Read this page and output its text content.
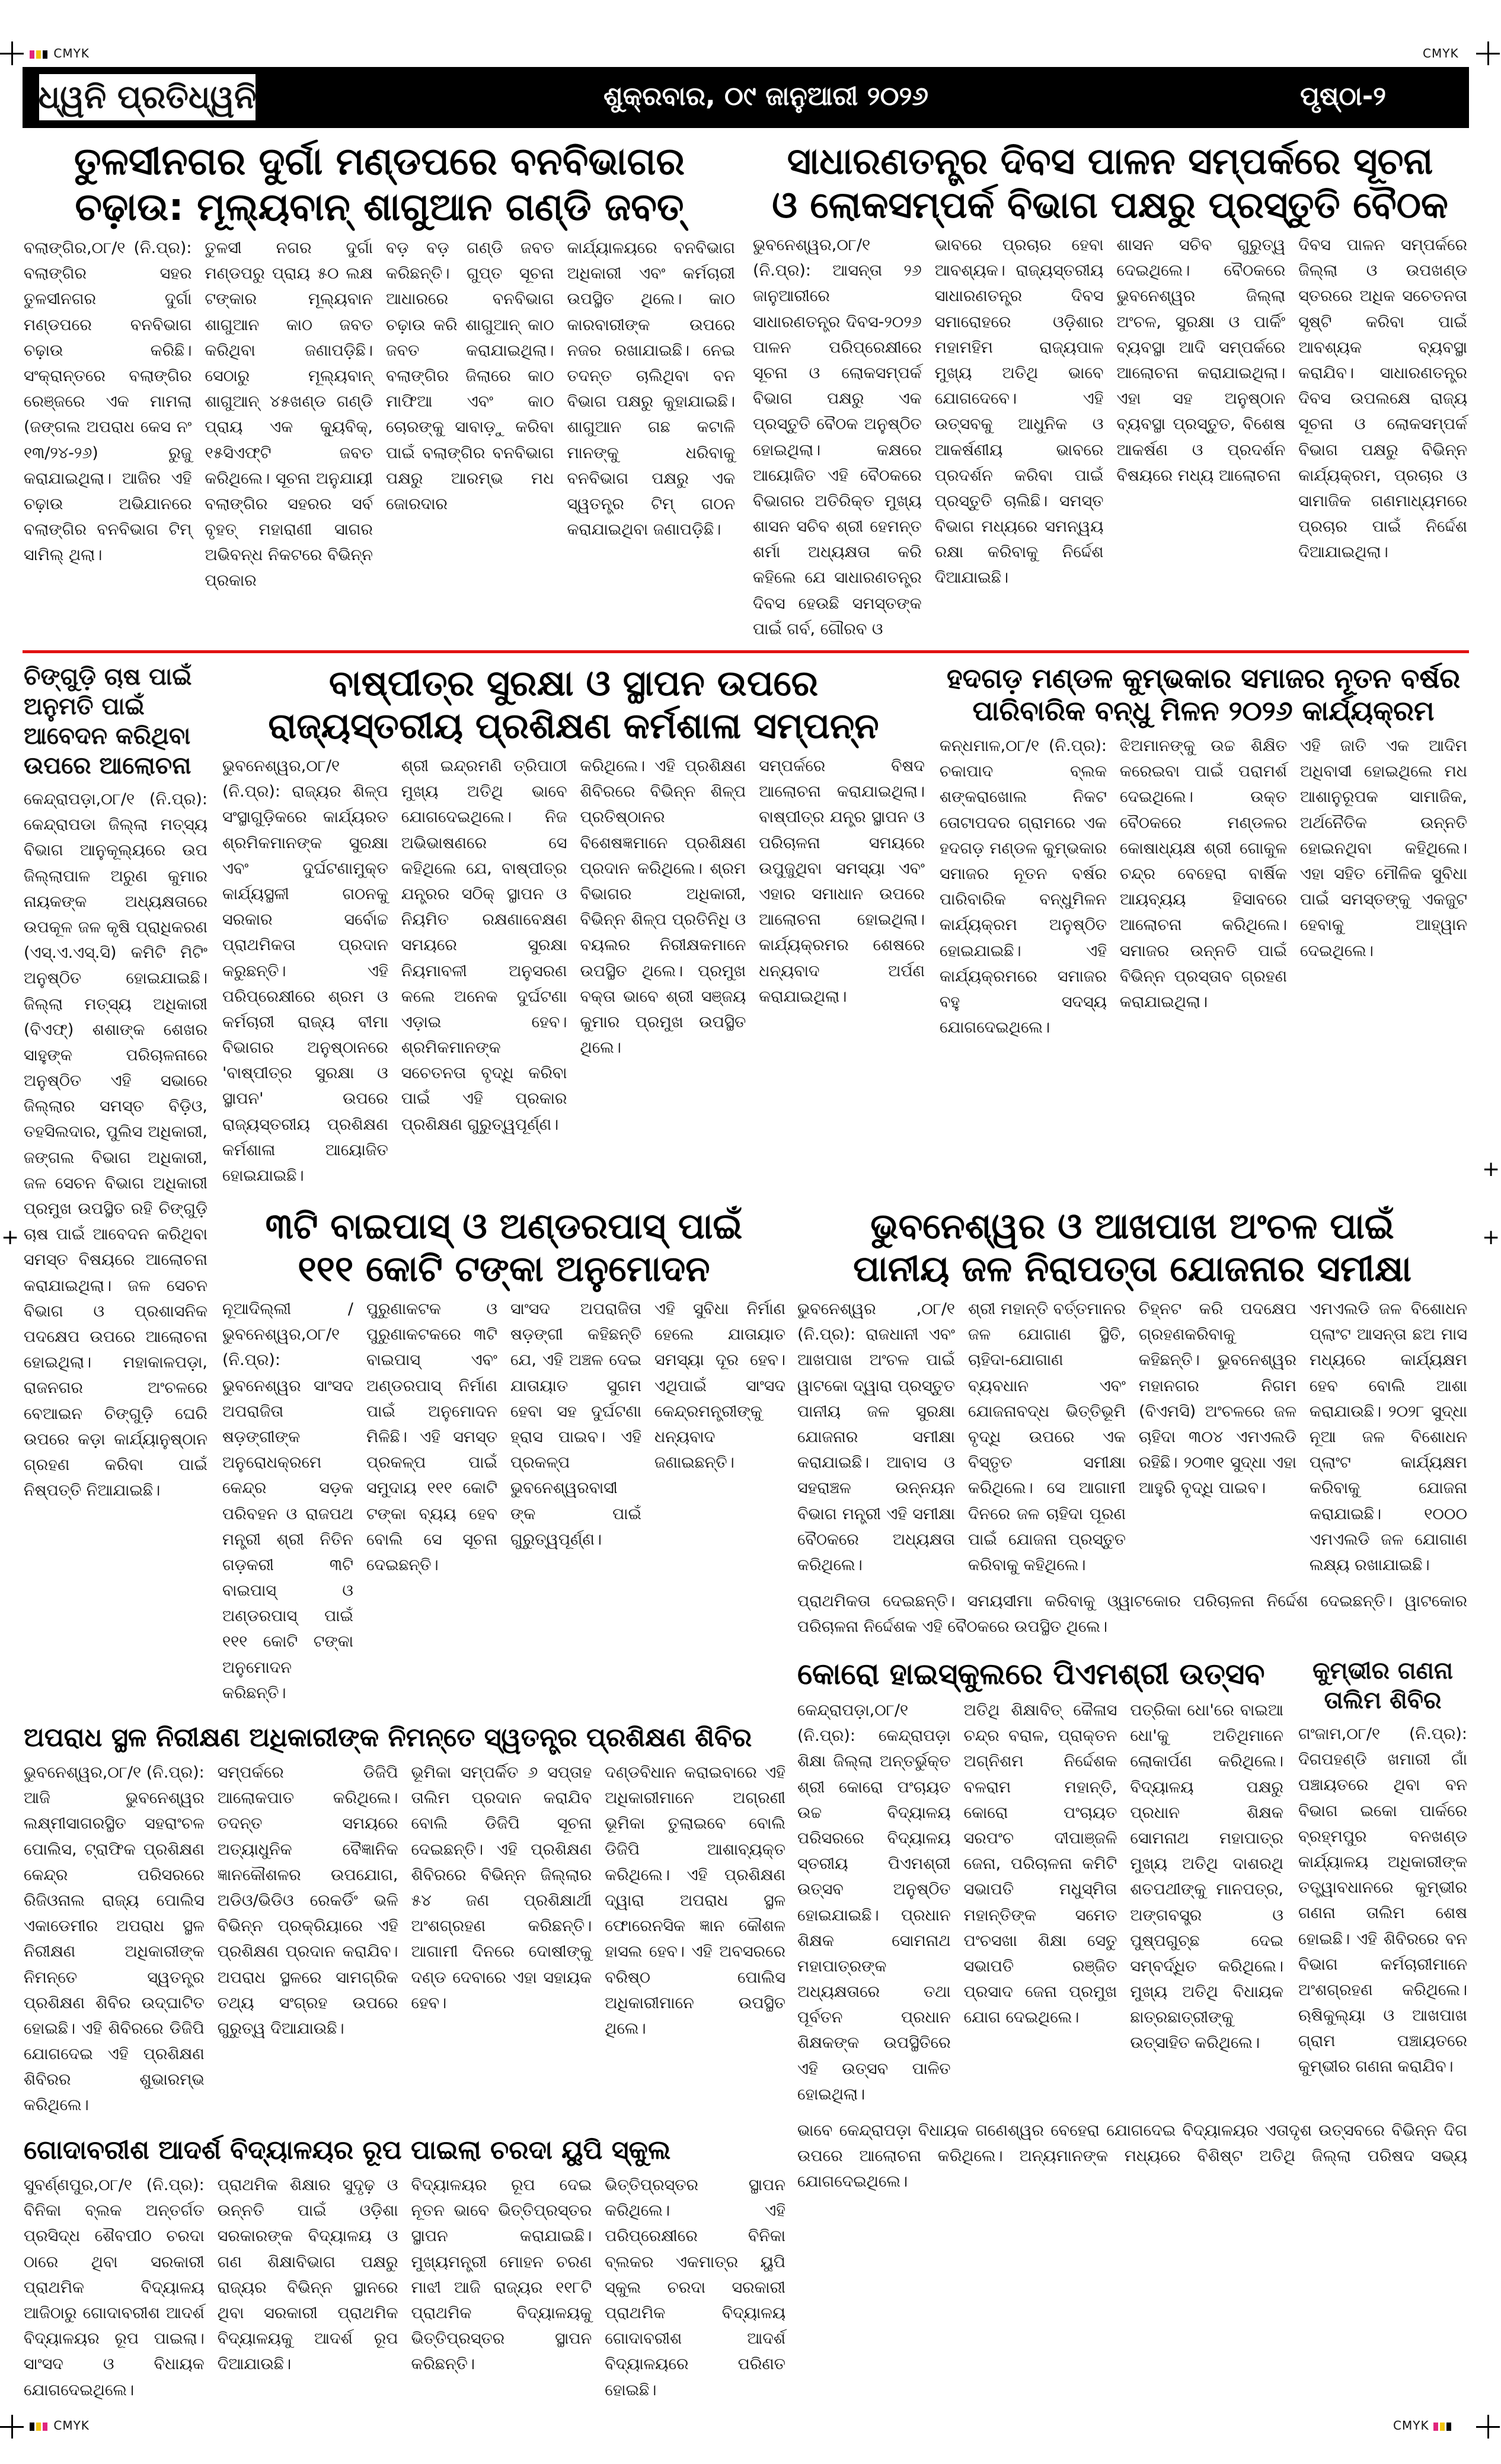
CMYK	CMYK
CMYK	CMYK
+
+
+
ଧ୍ୱନି ପ୍ରତିଧ୍ୱନି	ଶୁକ୍ରବାର, ୦୯ ଜାନୁଆରୀ ୨୦୨୬	ପୃଷ୍ଠା-୨
ତୁଳସୀନଗର ଦୁର୍ଗା ମଣ୍ଡପରେ ବନବିଭାଗର
ଚଢ଼ାଉ: ମୂଲ୍ୟବାନ୍ ଶାଗୁଆନ ଗଣ୍ଡି ଜବତ୍
ବଲାଙ୍ଗିର,୦୮/୧ (ନି.ପ୍ର): ବଲାଙ୍ଗିର ସହର ତୁଳସୀନଗର ଦୁର୍ଗା ମଣ୍ଡପରେ ବନବିଭାଗ ଚଢ଼ାଉ କରିଛି। ସଂକ୍ରାନ୍ତରେ ବଲାଙ୍ଗିର ରେଞ୍ଜରେ ଏକ ମାମଲା (ଜଙ୍ଗଲ ଅପରାଧ କେସ ନଂ ୧୩/୨୪-୨୬) ରୁଜୁ କରାଯାଇଥିଲା। ଆଜିର ଏହି ଚଢ଼ାଉ ଅଭିଯାନରେ ବଲାଙ୍ଗିର ବନବିଭାଗ ଟିମ୍ ସାମିଲ୍ ଥିଲା।
ତୁଳସୀ ନଗର ଦୁର୍ଗା ମଣ୍ଡପରୁ ପ୍ରାୟ ୫୦ ଲକ୍ଷ ଟଙ୍କାର ମୂଲ୍ୟବାନ ଶାଗୁଆନ କାଠ ଜବତ କରିଥିବା ଜଣାପଡ଼ିଛି। ସେଠାରୁ ମୂଲ୍ୟବାନ୍ ଶାଗୁଆନ୍ ୪୫ଖଣ୍ଡ ଗଣ୍ଡି ପ୍ରାୟ ଏକ କ୍ୟୁବିକ୍, ୧୫ସିଏଫ୍‌ଟି ଜବତ କରିଥିଲେ। ସୂଚନା ଅନୁଯାୟୀ ବଲାଙ୍ଗିର ସହରର ସର୍ବ ବୃହତ୍ ମହାରାଣୀ ସାଗର ଅଭିବନ୍ଧ ନିକଟରେ ବିଭିନ୍ନ ପ୍ରକାର
ବଡ଼ ବଡ଼ ଗଣ୍ଡି ଜବତ କରିଛନ୍ତି। ଗୁପ୍ତ ସୂଚନା ଆଧାରରେ ବନବିଭାଗ ଚଢ଼ାଉ କରି ଶାଗୁଆନ୍ କାଠ ଜବତ କରାଯାଇଥିଲା। ବଲାଙ୍ଗିର ଜିଲାରେ କାଠ ମାଫିଆ ଏବଂ କାଠ ଚୋରଙ୍କୁ ସାବାଡ଼ୁ କରିବା ପାଇଁ ବଲାଙ୍ଗିର ବନବିଭାଗ ପକ୍ଷରୁ ଆରମ୍ଭ ମଧ ଜୋରଦାର
କାର୍ଯ୍ୟାଳୟରେ ବନବିଭାଗ ଅଧିକାରୀ ଏବଂ କର୍ମଚାରୀ ଉପସ୍ଥିତ ଥିଲେ। କାଠ କାରବାରୀଙ୍କ ଉପରେ ନଜର ରଖାଯାଇଛି। ନେଇ ତଦନ୍ତ ଚାଲିଥିବା ବନ ବିଭାଗ ପକ୍ଷରୁ କୁହାଯାଇଛି। ଶାଗୁଆନ ଗଛ କଟାଳି ମାନଙ୍କୁ ଧରିବାକୁ ବନବିଭାଗ ପକ୍ଷରୁ ଏକ ସ୍ୱତନ୍ତ୍ର ଟିମ୍ ଗଠନ କରାଯାଇଥିବା ଜଣାପଡ଼ିଛି।
ସାଧାରଣତନ୍ତ୍ର ଦିବସ ପାଳନ ସମ୍ପର୍କରେ ସୂଚନା
ଓ ଲୋକସମ୍ପର୍କ ବିଭାଗ ପକ୍ଷରୁ ପ୍ରସ୍ତୁତି ବୈଠକ
ଭୁବନେଶ୍ୱର,୦୮/୧ (ନି.ପ୍ର): ଆସନ୍ତା ୨୬ ଜାନୁଆରୀରେ ସାଧାରଣତନ୍ତ୍ର ଦିବସ-୨୦୨୬ ପାଳନ ପରିପ୍ରେକ୍ଷୀରେ ସୂଚନା ଓ ଲୋକସମ୍ପର୍କ ବିଭାଗ ପକ୍ଷରୁ ଏକ ପ୍ରସ୍ତୁତି ବୈଠକ ଅନୁଷ୍ଠିତ ହୋଇଥିଲା। କକ୍ଷରେ ଆୟୋଜିତ ଏହି ବୈଠକରେ ବିଭାଗର ଅତିରିକ୍ତ ମୁଖ୍ୟ ଶାସନ ସଚିବ ଶ୍ରୀ ହେମନ୍ତ ଶର୍ମା ଅଧ୍ୟକ୍ଷତା କରି କହିଲେ ଯେ ସାଧାରଣତନ୍ତ୍ର ଦିବସ ହେଉଛି ସମସ୍ତଙ୍କ ପାଇଁ ଗର୍ବ, ଗୌରବ ଓ
ଭାବରେ ପ୍ରଚାର ହେବା ଆବଶ୍ୟକ। ରାଜ୍ୟସ୍ତରୀୟ ସାଧାରଣତନ୍ତ୍ର ଦିବସ ସମାରୋହରେ ଓଡ଼ିଶାର ମହାମହିମ ରାଜ୍ୟପାଳ ମୁଖ୍ୟ ଅତିଥି ଭାବେ ଯୋଗଦେବେ। ଏହି ଉତ୍ସବକୁ ଆଧୁନିକ ଓ ଆକର୍ଷଣୀୟ ଭାବରେ ପ୍ରଦର୍ଶନ କରିବା ପାଇଁ ପ୍ରସ୍ତୁତି ଚାଲିଛି। ସମସ୍ତ ବିଭାଗ ମଧ୍ୟରେ ସମନ୍ୱୟ ରକ୍ଷା କରିବାକୁ ନିର୍ଦ୍ଦେଶ ଦିଆଯାଇଛି।
ଶାସନ ସଚିବ ଗୁରୁତ୍ୱ ଦେଇଥିଲେ। ବୈଠକରେ ଭୁବନେଶ୍ୱର ଜିଲ୍ଲା ଅଂଚଳ, ସୁରକ୍ଷା ଓ ପାର୍କିଂ ବ୍ୟବସ୍ଥା ଆଦି ସମ୍ପର୍କରେ ଆଲୋଚନା କରାଯାଇଥିଲା। ଏହା ସହ ଅନୁଷ୍ଠାନ ବ୍ୟବସ୍ଥା ପ୍ରସ୍ତୁତ, ବିଶେଷ ଆକର୍ଷଣ ଓ ପ୍ରଦର୍ଶନ ବିଷୟରେ ମଧ୍ୟ ଆଲୋଚନା
ଦିବସ ପାଳନ ସମ୍ପର୍କରେ ଜିଲ୍ଲା ଓ ଉପଖଣ୍ଡ ସ୍ତରରେ ଅଧିକ ସଚେତନତା ସୃଷ୍ଟି କରିବା ପାଇଁ ଆବଶ୍ୟକ ବ୍ୟବସ୍ଥା କରାଯିବ। ସାଧାରଣତନ୍ତ୍ର ଦିବସ ଉପଲକ୍ଷେ ରାଜ୍ୟ ସୂଚନା ଓ ଲୋକସମ୍ପର୍କ ବିଭାଗ ପକ୍ଷରୁ ବିଭିନ୍ନ କାର୍ଯ୍ୟକ୍ରମ, ପ୍ରଚାର ଓ ସାମାଜିକ ଗଣମାଧ୍ୟମରେ ପ୍ରଚାର ପାଇଁ ନିର୍ଦ୍ଦେଶ ଦିଆଯାଇଥିଲା।
ଚିଙ୍ଗୁଡ଼ି ଚାଷ ପାଇଁ
ଅନୁମତି ପାଇଁ
ଆବେଦନ କରିଥିବା
ଉପରେ ଆଲୋଚନା
କେନ୍ଦ୍ରାପଡ଼ା,୦୮/୧ (ନି.ପ୍ର): କେନ୍ଦ୍ରାପଡା ଜିଲ୍ଲା ମତ୍ସ୍ୟ ବିଭାଗ ଆନୁକୂଲ୍ୟରେ ଉପ ଜିଲ୍ଲାପାଳ ଅରୁଣ କୁମାର ନାୟକଙ୍କ ଅଧ୍ୟକ୍ଷତାରେ ଉପକୂଳ ଜଳ କୃଷି ପ୍ରାଧିକରଣ (ଏସ୍.ଏ.ଏସ୍.ସି) କମିଟି ମିଟିଂ ଅନୁଷ୍ଠିତ ହୋଇଯାଇଛି। ଜିଲ୍ଲା ମତ୍ସ୍ୟ ଅଧିକାରୀ (ବିଏଫ୍) ଶଶାଙ୍କ ଶେଖର ସାହୁଙ୍କ ପରିଚାଳନାରେ ଅନୁଷ୍ଠିତ ଏହି ସଭାରେ ଜିଲ୍ଲାର ସମସ୍ତ ବିଡ଼ିଓ, ତହସିଲଦାର, ପୁଲିସ ଅଧିକାରୀ, ଜଙ୍ଗଲ ବିଭାଗ ଅଧିକାରୀ, ଜଳ ସେଚନ ବିଭାଗ ଅଧିକାରୀ ପ୍ରମୁଖ ଉପସ୍ଥିତ ରହି ଚିଙ୍ଗୁଡ଼ି ଚାଷ ପାଇଁ ଆବେଦନ କରିଥିବା ସମସ୍ତ ବିଷୟରେ ଆଲୋଚନା କରାଯାଇଥିଲା। ଜଳ ସେଚନ ବିଭାଗ ଓ ପ୍ରଶାସନିକ ପଦକ୍ଷେପ ଉପରେ ଆଲୋଚନା ହୋଇଥିଲା। ମହାକାଳପଡ଼ା, ରାଜନଗର ଅଂଚଳରେ ବେଆଇନ ଚିଙ୍ଗୁଡ଼ି ଘେରି ଉପରେ କଡ଼ା କାର୍ଯ୍ୟାନୁଷ୍ଠାନ ଗ୍ରହଣ କରିବା ପାଇଁ ନିଷ୍ପତ୍ତି ନିଆଯାଇଛି।
ବାଷ୍ପୀତ୍ର ସୁରକ୍ଷା ଓ ସ୍ଥାପନ ଉପରେ
ରାଜ୍ୟସ୍ତରୀୟ ପ୍ରଶିକ୍ଷଣ କର୍ମଶାଳା ସମ୍ପନ୍ନ
ଭୁବନେଶ୍ୱର,୦୮/୧ (ନି.ପ୍ର): ରାଜ୍ୟର ଶିଳ୍ପ ସଂସ୍ଥାଗୁଡ଼ିକରେ କାର୍ଯ୍ୟରତ ଶ୍ରମିକମାନଙ୍କ ସୁରକ୍ଷା ଏବଂ ଦୁର୍ଘଟଣାମୁକ୍ତ କାର୍ଯ୍ୟସ୍ଥଳୀ ଗଠନକୁ ସରକାର ସର୍ବୋଚ୍ଚ ପ୍ରାଥମିକତା ପ୍ରଦାନ କରୁଛନ୍ତି। ଏହି ପରିପ୍ରେକ୍ଷୀରେ ଶ୍ରମ ଓ କର୍ମଚାରୀ ରାଜ୍ୟ ବୀମା ବିଭାଗର ଅନୁଷ୍ଠାନରେ 'ବାଷ୍ପୀତ୍ର ସୁରକ୍ଷା ଓ ସ୍ଥାପନ' ଉପରେ ରାଜ୍ୟସ୍ତରୀୟ ପ୍ରଶିକ୍ଷଣ କର୍ମଶାଳା ଆୟୋଜିତ ହୋଇଯାଇଛି।
ଶ୍ରୀ ଇନ୍ଦ୍ରମଣି ତ୍ରିପାଠୀ ମୁଖ୍ୟ ଅତିଥି ଭାବେ ଯୋଗଦେଇଥିଲେ। ନିଜ ଅଭିଭାଷଣରେ ସେ କହିଥିଲେ ଯେ, ବାଷ୍ପୀତ୍ର ଯନ୍ତ୍ରର ସଠିକ୍ ସ୍ଥାପନ ଓ ନିୟମିତ ରକ୍ଷଣାବେକ୍ଷଣ ସମୟରେ ସୁରକ୍ଷା ନିୟମାବଳୀ ଅନୁସରଣ କଲେ ଅନେକ ଦୁର୍ଘଟଣା ଏଡ଼ାଇ ହେବ। ଶ୍ରମିକମାନଙ୍କ ସଚେତନତା ବୃଦ୍ଧି କରିବା ପାଇଁ ଏହି ପ୍ରକାର ପ୍ରଶିକ୍ଷଣ ଗୁରୁତ୍ୱପୂର୍ଣ୍ଣ।
କରିଥିଲେ। ଏହି ପ୍ରଶିକ୍ଷଣ ଶିବିରରେ ବିଭିନ୍ନ ଶିଳ୍ପ ପ୍ରତିଷ୍ଠାନର ବିଶେଷଜ୍ଞମାନେ ପ୍ରଶିକ୍ଷଣ ପ୍ରଦାନ କରିଥିଲେ। ଶ୍ରମ ବିଭାଗର ଅଧିକାରୀ, ବିଭିନ୍ନ ଶିଳ୍ପ ପ୍ରତିନିଧି ଓ ବୟଲର ନିରୀକ୍ଷକମାନେ ଉପସ୍ଥିତ ଥିଲେ। ପ୍ରମୁଖ ବକ୍ତା ଭାବେ ଶ୍ରୀ ସଞ୍ଜୟ କୁମାର ପ୍ରମୁଖ ଉପସ୍ଥିତ ଥିଲେ।
ସମ୍ପର୍କରେ ବିଷଦ ଆଲୋଚନା କରାଯାଇଥିଲା। ବାଷ୍ପୀତ୍ର ଯନ୍ତ୍ର ସ୍ଥାପନ ଓ ପରିଚାଳନା ସମୟରେ ଉପୁଜୁଥିବା ସମସ୍ୟା ଏବଂ ଏହାର ସମାଧାନ ଉପରେ ଆଲୋଚନା ହୋଇଥିଲା। କାର୍ଯ୍ୟକ୍ରମର ଶେଷରେ ଧନ୍ୟବାଦ ଅର୍ପଣ କରାଯାଇଥିଲା।
ହଦଗଡ଼ ମଣ୍ଡଳ କୁମ୍ଭକାର ସମାଜର ନୂତନ ବର୍ଷର
ପାରିବାରିକ ବନ୍ଧୁ ମିଳନ ୨୦୨୬ କାର୍ଯ୍ୟକ୍ରମ
କନ୍ଧମାଳ,୦୮/୧ (ନି.ପ୍ର): ଚକାପାଦ ବ୍ଲକ ଶଙ୍କରାଖୋଲ ନିକଟ ତୋଟାପଦର ଗ୍ରାମରେ ଏକ ହଦଗଡ଼ ମଣ୍ଡଳ କୁମ୍ଭକାର ସମାଜର ନୂତନ ବର୍ଷର ପାରିବାରିକ ବନ୍ଧୁମିଳନ କାର୍ଯ୍ୟକ୍ରମ ଅନୁଷ୍ଠିତ ହୋଇଯାଇଛି। ଏହି କାର୍ଯ୍ୟକ୍ରମରେ ସମାଜର ବହୁ ସଦସ୍ୟ ଯୋଗଦେଇଥିଲେ।
ଝିଅମାନଙ୍କୁ ଉଚ୍ଚ ଶିକ୍ଷିତ କରେଇବା ପାଇଁ ପରାମର୍ଶ ଦେଇଥିଲେ। ଉକ୍ତ ବୈଠକରେ ମଣ୍ଡଳର କୋଷାଧ୍ୟକ୍ଷ ଶ୍ରୀ ଗୋକୁଳ ଚନ୍ଦ୍ର ବେହେରା ବାର୍ଷିକ ଆୟବ୍ୟୟ ହିସାବରେ ଆଲୋଚନା କରିଥିଲେ। ସମାଜର ଉନ୍ନତି ପାଇଁ ବିଭିନ୍ନ ପ୍ରସ୍ତାବ ଗ୍ରହଣ କରାଯାଇଥିଲା।
ଏହି ଜାତି ଏକ ଆଦିମ ଅଧିବାସୀ ହୋଇଥିଲେ ମଧ ଆଶାନୁରୂପକ ସାମାଜିକ, ଅର୍ଥନୈତିକ ଉନ୍ନତି ହୋଇନଥିବା କହିଥିଲେ। ଏହା ସହିତ ମୌଳିକ ସୁବିଧା ପାଇଁ ସମସ୍ତଙ୍କୁ ଏକଜୁଟ ହେବାକୁ ଆହ୍ୱାନ ଦେଇଥିଲେ।
୩ଟି ବାଇପାସ୍ ଓ ଅଣ୍ଡରପାସ୍ ପାଇଁ
୧୧୧ କୋଟି ଟଙ୍କା ଅନୁମୋଦନ
ନୂଆଦିଲ୍ଲୀ / ଭୁବନେଶ୍ୱର,୦୮/୧ (ନି.ପ୍ର): ଭୁବନେଶ୍ୱର ସାଂସଦ ଅପରାଜିତା ଷଡ଼ଙ୍ଗୀଙ୍କ ଅନୁରୋଧକ୍ରମେ କେନ୍ଦ୍ର ସଡ଼କ ପରିବହନ ଓ ରାଜପଥ ମନ୍ତ୍ରୀ ଶ୍ରୀ ନିତିନ ଗଡ଼କରୀ ୩ଟି ବାଇପାସ୍ ଓ ଅଣ୍ଡରପାସ୍ ପାଇଁ ୧୧୧ କୋଟି ଟଙ୍କା ଅନୁମୋଦନ କରିଛନ୍ତି।
ପୁରୁଣାକଟକ ଓ ପୁରୁଣାକଟକରେ ୩ଟି ବାଇପାସ୍ ଏବଂ ଅଣ୍ଡରପାସ୍ ନିର୍ମାଣ ପାଇଁ ଅନୁମୋଦନ ମିଳିଛି। ଏହି ସମସ୍ତ ପ୍ରକଳ୍ପ ପାଇଁ ସମୁଦାୟ ୧୧୧ କୋଟି ଟଙ୍କା ବ୍ୟୟ ହେବ ବୋଲି ସେ ସୂଚନା ଦେଇଛନ୍ତି।
ସାଂସଦ ଅପରାଜିତା ଷଡ଼ଙ୍ଗୀ କହିଛନ୍ତି ଯେ, ଏହି ଅଞ୍ଚଳ ଦେଇ ଯାତାୟାତ ସୁଗମ ହେବା ସହ ଦୁର୍ଘଟଣା ହ୍ରାସ ପାଇବ। ଏହି ପ୍ରକଳ୍ପ ଭୁବନେଶ୍ୱରବାସୀଙ୍କ ପାଇଁ ଗୁରୁତ୍ୱପୂର୍ଣ୍ଣ।
ଏହି ସୁବିଧା ନିର୍ମାଣ ହେଲେ ଯାତାୟାତ ସମସ୍ୟା ଦୂର ହେବ। ଏଥିପାଇଁ ସାଂସଦ କେନ୍ଦ୍ରମନ୍ତ୍ରୀଙ୍କୁ ଧନ୍ୟବାଦ ଜଣାଇଛନ୍ତି।
ଭୁବନେଶ୍ୱର ଓ ଆଖପାଖ ଅଂଚଳ ପାଇଁ
ପାନୀୟ ଜଳ ନିରାପତ୍ତା ଯୋଜନାର ସମୀକ୍ଷା
ଭୁବନେଶ୍ୱର ,୦୮/୧ (ନି.ପ୍ର): ରାଜଧାନୀ ଏବଂ ଆଖପାଖ ଅଂଚଳ ପାଇଁ ୱାଟକୋ ଦ୍ୱାରା ପ୍ରସ୍ତୁତ ପାନୀୟ ଜଳ ସୁରକ୍ଷା ଯୋଜନାର ସମୀକ୍ଷା କରାଯାଇଛି। ଆବାସ ଓ ସହରାଞ୍ଚଳ ଉନ୍ନୟନ ବିଭାଗ ମନ୍ତ୍ରୀ ଏହି ସମୀକ୍ଷା ବୈଠକରେ ଅଧ୍ୟକ୍ଷତା କରିଥିଲେ।
ଶ୍ରୀ ମହାନ୍ତି ବର୍ତ୍ତମାନର ଜଳ ଯୋଗାଣ ସ୍ଥିତି, ଚାହିଦା-ଯୋଗାଣ ବ୍ୟବଧାନ ଏବଂ ଯୋଜନାବଦ୍ଧ ଭିତ୍ତିଭୂମି ବୃଦ୍ଧି ଉପରେ ଏକ ବିସ୍ତୃତ ସମୀକ୍ଷା କରିଥିଲେ। ସେ ଆଗାମୀ ଦିନରେ ଜଳ ଚାହିଦା ପୂରଣ ପାଇଁ ଯୋଜନା ପ୍ରସ୍ତୁତ କରିବାକୁ କହିଥିଲେ।
ଚିହ୍ନଟ କରି ପଦକ୍ଷେପ ଗ୍ରହଣକରିବାକୁ କହିଛନ୍ତି। ଭୁବନେଶ୍ୱର ମହାନଗର ନିଗମ (ବିଏମସି) ଅଂଚଳରେ ଜଳ ଚାହିଦା ୩୦୪ ଏମଏଲଡି ରହିଛି। ୨୦୩୧ ସୁଦ୍ଧା ଏହା ଆହୁରି ବୃଦ୍ଧି ପାଇବ।
ଏମଏଲଡି ଜଳ ବିଶୋଧନ ପ୍ଲାଂଟ ଆସନ୍ତା ଛଅ ମାସ ମଧ୍ୟରେ କାର୍ଯ୍ୟକ୍ଷମ ହେବ ବୋଲି ଆଶା କରାଯାଉଛି। ୨୦୨୮ ସୁଦ୍ଧା ନୂଆ ଜଳ ବିଶୋଧନ ପ୍ଲାଂଟ କାର୍ଯ୍ୟକ୍ଷମ କରିବାକୁ ଯୋଜନା କରାଯାଇଛି। ୧୦୦୦ ଏମଏଲଡି ଜଳ ଯୋଗାଣ ଲକ୍ଷ୍ୟ ରଖାଯାଇଛି।
ଅପରାଧ ସ୍ଥଳ ନିରୀକ୍ଷଣ ଅଧିକାରୀଙ୍କ ନିମନ୍ତେ ସ୍ୱତନ୍ତ୍ର ପ୍ରଶିକ୍ଷଣ ଶିବିର
ଭୁବନେଶ୍ୱର,୦୮/୧ (ନି.ପ୍ର): ଆଜି ଭୁବନେଶ୍ୱର ଲକ୍ଷ୍ମୀସାଗରସ୍ଥିତ ସହରାଂଚଳ ପୋଲିସ, ଟ୍ରାଫିକ ପ୍ରଶିକ୍ଷଣ କେନ୍ଦ୍ର ପରିସରରେ ରିଜିଓନାଲ ରାଜ୍ୟ ପୋଲିସ ଏକାଡେମୀର ଅପରାଧ ସ୍ଥଳ ନିରୀକ୍ଷଣ ଅଧିକାରୀଙ୍କ ନିମନ୍ତେ ସ୍ୱତନ୍ତ୍ର ପ୍ରଶିକ୍ଷଣ ଶିବିର ଉଦ୍‌ଘାଟିତ ହୋଇଛି। ଏହି ଶିବିରରେ ଡିଜିପି ଯୋଗଦେଇ ଏହି ପ୍ରଶିକ୍ଷଣ ଶିବିରର ଶୁଭାରମ୍ଭ କରିଥିଲେ।
ସମ୍ପର୍କରେ ଡିଜିପି ଆଲୋକପାତ କରିଥିଲେ। ତଦନ୍ତ ସମୟରେ ଅତ୍ୟାଧୁନିକ ବୈଜ୍ଞାନିକ ଜ୍ଞାନକୌଶଳର ଉପଯୋଗ, ଅଡିଓ/ଭିଡିଓ ରେକର୍ଡିଂ ଭଳି ବିଭିନ୍ନ ପ୍ରକ୍ରିୟାରେ ଏହି ପ୍ରଶିକ୍ଷଣ ପ୍ରଦାନ କରାଯିବ। ଅପରାଧ ସ୍ଥଳରେ ସାମଗ୍ରିକ ତଥ୍ୟ ସଂଗ୍ରହ ଉପରେ ଗୁରୁତ୍ୱ ଦିଆଯାଉଛି।
ଭୂମିକା ସମ୍ପର୍କିତ ୬ ସପ୍ତାହ ତାଲିମ ପ୍ରଦାନ କରାଯିବ ବୋଲି ଡିଜିପି ସୂଚନା ଦେଇଛନ୍ତି। ଏହି ପ୍ରଶିକ୍ଷଣ ଶିବିରରେ ବିଭିନ୍ନ ଜିଲ୍ଲାର ୫୪ ଜଣ ପ୍ରଶିକ୍ଷାର୍ଥୀ ଅଂଶଗ୍ରହଣ କରିଛନ୍ତି। ଆଗାମୀ ଦିନରେ ଦୋଷୀଙ୍କୁ ଦଣ୍ଡ ଦେବାରେ ଏହା ସହାୟକ ହେବ।
ଦଣ୍ଡବିଧାନ କରାଇବାରେ ଏହି ଅଧିକାରୀମାନେ ଅଗ୍ରଣୀ ଭୂମିକା ତୁଲାଇବେ ବୋଲି ଡିଜିପି ଆଶାବ୍ୟକ୍ତ କରିଥିଲେ। ଏହି ପ୍ରଶିକ୍ଷଣ ଦ୍ୱାରା ଅପରାଧ ସ୍ଥଳ ଫୋରେନସିକ ଜ୍ଞାନ କୌଶଳ ହାସଲ ହେବ। ଏହି ଅବସରରେ ବରିଷ୍ଠ ପୋଲିସ ଅଧିକାରୀମାନେ ଉପସ୍ଥିତ ଥିଲେ।
ପ୍ରାଥମିକତା ଦେଇଛନ୍ତି। ସମୟସୀମା କରିବାକୁ ଓ୍ୱାଟକୋର ପରିଚାଳନା ନିର୍ଦ୍ଦେଶ ଦେଇଛନ୍ତି। ୱାଟକୋର ପରିଚାଳନା ନିର୍ଦ୍ଦେଶକ ଏହି ବୈଠକରେ ଉପସ୍ଥିତ ଥିଲେ।
କୋରୋ ହାଇସ୍କୁଲରେ ପିଏମଶ୍ରୀ ଉତ୍ସବ
କେନ୍ଦ୍ରାପଡ଼ା,୦୮/୧ (ନି.ପ୍ର): କେନ୍ଦ୍ରାପଡ଼ା ଶିକ୍ଷା ଜିଲ୍ଲା ଅନ୍ତର୍ଭୁକ୍ତ ଶ୍ରୀ କୋରୋ ପଂଚାୟତ ଉଚ୍ଚ ବିଦ୍ୟାଳୟ ପରିସରରେ ବିଦ୍ୟାଳୟ ସ୍ତରୀୟ ପିଏମଶ୍ରୀ ଉତ୍ସବ ଅନୁଷ୍ଠିତ ହୋଇଯାଇଛି। ପ୍ରଧାନ ଶିକ୍ଷକ ସୋମନାଥ ମହାପାତ୍ରଙ୍କ ଅଧ୍ୟକ୍ଷତାରେ ତଥା ପୂର୍ବତନ ପ୍ରଧାନ ଶିକ୍ଷକଙ୍କ ଉପସ୍ଥିତିରେ ଏହି ଉତ୍ସବ ପାଳିତ ହୋଇଥିଲା।
ଅତିଥି ଶିକ୍ଷାବିତ୍ କୈଳାସ ଚନ୍ଦ୍ର ବରାଳ, ପ୍ରାକ୍ତନ ଅଗ୍ନିଶମ ନିର୍ଦ୍ଦେଶକ ବଳରାମ ମହାନ୍ତି, କୋରୋ ପଂଚାୟତ ସରପଂଚ ଦୀପାଞ୍ଜଳି ଜେନା, ପରିଚାଳନା କମିଟି ସଭାପତି ମଧୁସ୍ମିତା ମହାନ୍ତିଙ୍କ ସମେତ ପଂଚସଖା ଶିକ୍ଷା ସେତୁ ସଭାପତି ରଞ୍ଜିତ ପ୍ରସାଦ ଜେନା ପ୍ରମୁଖ ଯୋଗ ଦେଇଥିଲେ।
ପତ୍ରିକା ଧୋ'ରେ ବାଇଆ ଧୋ'କୁ ଅତିଥିମାନେ ଲୋକାର୍ପଣ କରିଥିଲେ। ବିଦ୍ୟାଳୟ ପକ୍ଷରୁ ପ୍ରଧାନ ଶିକ୍ଷକ ସୋମନାଥ ମହାପାତ୍ର ମୁଖ୍ୟ ଅତିଥି ଦାଶରଥି ଶତପଥୀଙ୍କୁ ମାନପତ୍ର, ଅଙ୍ଗବସ୍ତ୍ର ଓ ପୁଷ୍ପଗୁଚ୍ଛ ଦେଇ ସମ୍ବର୍ଦ୍ଧିତ କରିଥିଲେ। ମୁଖ୍ୟ ଅତିଥି ବିଧାୟକ ଛାତ୍ରଛାତ୍ରୀଙ୍କୁ ଉତ୍ସାହିତ କରିଥିଲେ।
କୁମ୍ଭୀର ଗଣନା
ତାଲିମ ଶିବିର
ଗଂଜାମ,୦୮/୧ (ନି.ପ୍ର): ଦିଗପହଣ୍ଡି ଖମାରୀ ଗାଁ ପଞ୍ଚାୟତରେ ଥିବା ବନ ବିଭାଗ ଇକୋ ପାର୍କରେ ବ୍ରହ୍ମପୁର ବନଖଣ୍ଡ କାର୍ଯ୍ୟାଳୟ ଅଧିକାରୀଙ୍କ ତତ୍ତ୍ୱାବଧାନରେ କୁମ୍ଭୀର ଗଣନା ତାଲିମ ଶେଷ ହୋଇଛି। ଏହି ଶିବିରରେ ବନ ବିଭାଗ କର୍ମଚାରୀମାନେ ଅଂଶଗ୍ରହଣ କରିଥିଲେ। ଋଷିକୁଲ୍ୟା ଓ ଆଖପାଖ ଗ୍ରାମ ପଞ୍ଚାୟତରେ କୁମ୍ଭୀର ଗଣନା କରାଯିବ।
ଗୋଦାବରୀଶ ଆଦର୍ଶ ବିଦ୍ୟାଳୟର ରୂପ ପାଇଲା ଚରଦା ୟୁପି ସ୍କୁଲ
ସୁବର୍ଣ୍ଣପୁର,୦୮/୧ (ନି.ପ୍ର): ବିନିକା ବ୍ଲକ ଅନ୍ତର୍ଗତ ପ୍ରସିଦ୍ଧ ଶୈବପୀଠ ଚରଦା ଠାରେ ଥିବା ସରକାରୀ ପ୍ରାଥମିକ ବିଦ୍ୟାଳୟ ଆଜିଠାରୁ ଗୋଦାବରୀଶ ଆଦର୍ଶ ବିଦ୍ୟାଳୟର ରୂପ ପାଇଲା। ସାଂସଦ ଓ ବିଧାୟକ ଯୋଗଦେଇଥିଲେ।
ପ୍ରାଥମିକ ଶିକ୍ଷାର ସୁଦୃଢ଼ ଓ ଉନ୍ନତି ପାଇଁ ଓଡ଼ିଶା ସରକାରଙ୍କ ବିଦ୍ୟାଳୟ ଓ ଗଣ ଶିକ୍ଷାବିଭାଗ ପକ୍ଷରୁ ରାଜ୍ୟର ବିଭିନ୍ନ ସ୍ଥାନରେ ଥିବା ସରକାରୀ ପ୍ରାଥମିକ ବିଦ୍ୟାଳୟକୁ ଆଦର୍ଶ ରୂପ ଦିଆଯାଉଛି।
ବିଦ୍ୟାଳୟର ରୂପ ଦେଇ ନୂତନ ଭାବେ ଭିତ୍ତିପ୍ରସ୍ତର ସ୍ଥାପନ କରାଯାଇଛି। ମୁଖ୍ୟମନ୍ତ୍ରୀ ମୋହନ ଚରଣ ମାଝୀ ଆଜି ରାଜ୍ୟର ୧୧୮ଟି ପ୍ରାଥମିକ ବିଦ୍ୟାଳୟକୁ ଭିତ୍ତିପ୍ରସ୍ତର ସ୍ଥାପନ କରିଛନ୍ତି।
ଭିତ୍ତିପ୍ରସ୍ତର ସ୍ଥାପନ କରିଥିଲେ। ଏହି ପରିପ୍ରେକ୍ଷୀରେ ବିନିକା ବ୍ଲକର ଏକମାତ୍ର ୟୁପି ସ୍କୁଲ ଚରଦା ସରକାରୀ ପ୍ରାଥମିକ ବିଦ୍ୟାଳୟ ଗୋଦାବରୀଶ ଆଦର୍ଶ ବିଦ୍ୟାଳୟରେ ପରିଣତ ହୋଇଛି।
ଭାବେ କେନ୍ଦ୍ରାପଡ଼ା ବିଧାୟକ ଗଣେଶ୍ୱର ବେହେରା ଯୋଗଦେଇ ବିଦ୍ୟାଳୟର ଏତାଦୃଶ ଉତ୍ସବରେ ବିଭିନ୍ନ ଦିଗ ଉପରେ ଆଲୋଚନା କରିଥିଲେ। ଅନ୍ୟମାନଙ୍କ ମଧ୍ୟରେ ବିଶିଷ୍ଟ ଅତିଥି ଜିଲ୍ଲା ପରିଷଦ ସଭ୍ୟ ଯୋଗଦେଇଥିଲେ।
